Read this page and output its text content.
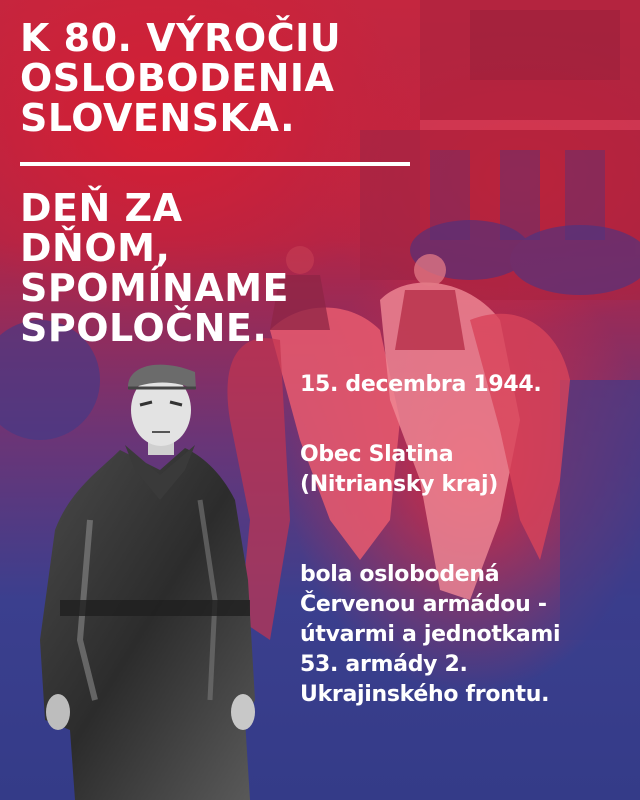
K 80. VÝROČIU
OSLOBODENIA
SLOVENSKA.
DEŇ ZA
DŇOM,
SPOMÍNAME
SPOLOČNE.

15. decembra 1944.

Obec Slatina
(Nitriansky kraj)

bola oslobodená
Červenou armádou -
útvarmi a jednotkami
53. armády 2.
Ukrajinského frontu.
